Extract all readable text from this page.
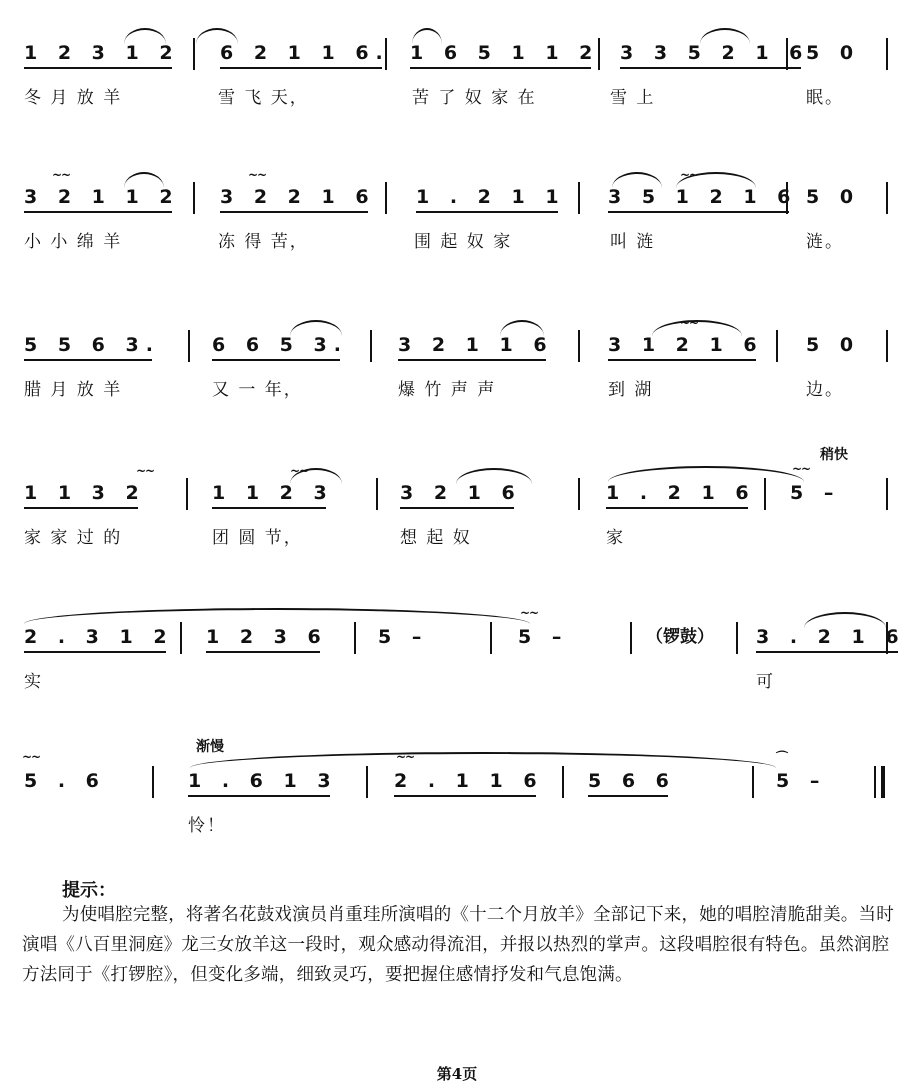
1 2 3 1 2 6 2 1 1 6. 1 6 5 1 1 2 3 3 5 2 1 6
5 0
冬 月 放 羊	雪 飞 天，	苦 了 奴 家 在	雪 上	眠。
3 2 1 1 2 3 2 2 1 6 1 . 2 1 1 3 5 1 2 1 6 5 0
~~	~~	~~
小 小 绵 羊	冻 得 苦，	围 起 奴 家	叫 涟	涟。
5 5 6 3.	6 6 5 3.	3 2 1 1 6	3 1 2 1 6 5 0
~~
腊 月 放 羊	又 一 年，	爆 竹 声 声	到 湖	边。
1 1 3 2	1 1 2 3	3 2 1 6	1 . 2 1 6 5 –
稍快
~~	~~	~~
家 家 过 的	团 圆 节，	想 起 奴	家
2 . 3 1 2 1 2 3 6	5 –	5 –	（锣鼓） 3 . 2 1 6
~~
实	可
5 . 6	1 . 6 1 3	2 . 1 1 6 5 6 6	5 –
渐慢
~~	~~	⌒
怜！
提示：
为使唱腔完整，将著名花鼓戏演员肖重珪所演唱的《十二个月放羊》全部记下来，她的唱腔清脆甜美。当时演唱《八百里洞庭》龙三女放羊这一段时，观众感动得流泪，并报以热烈的掌声。这段唱腔很有特色。虽然润腔方法同于《打锣腔》，但变化多端，细致灵巧，要把握住感情抒发和气息饱满。
第4页
